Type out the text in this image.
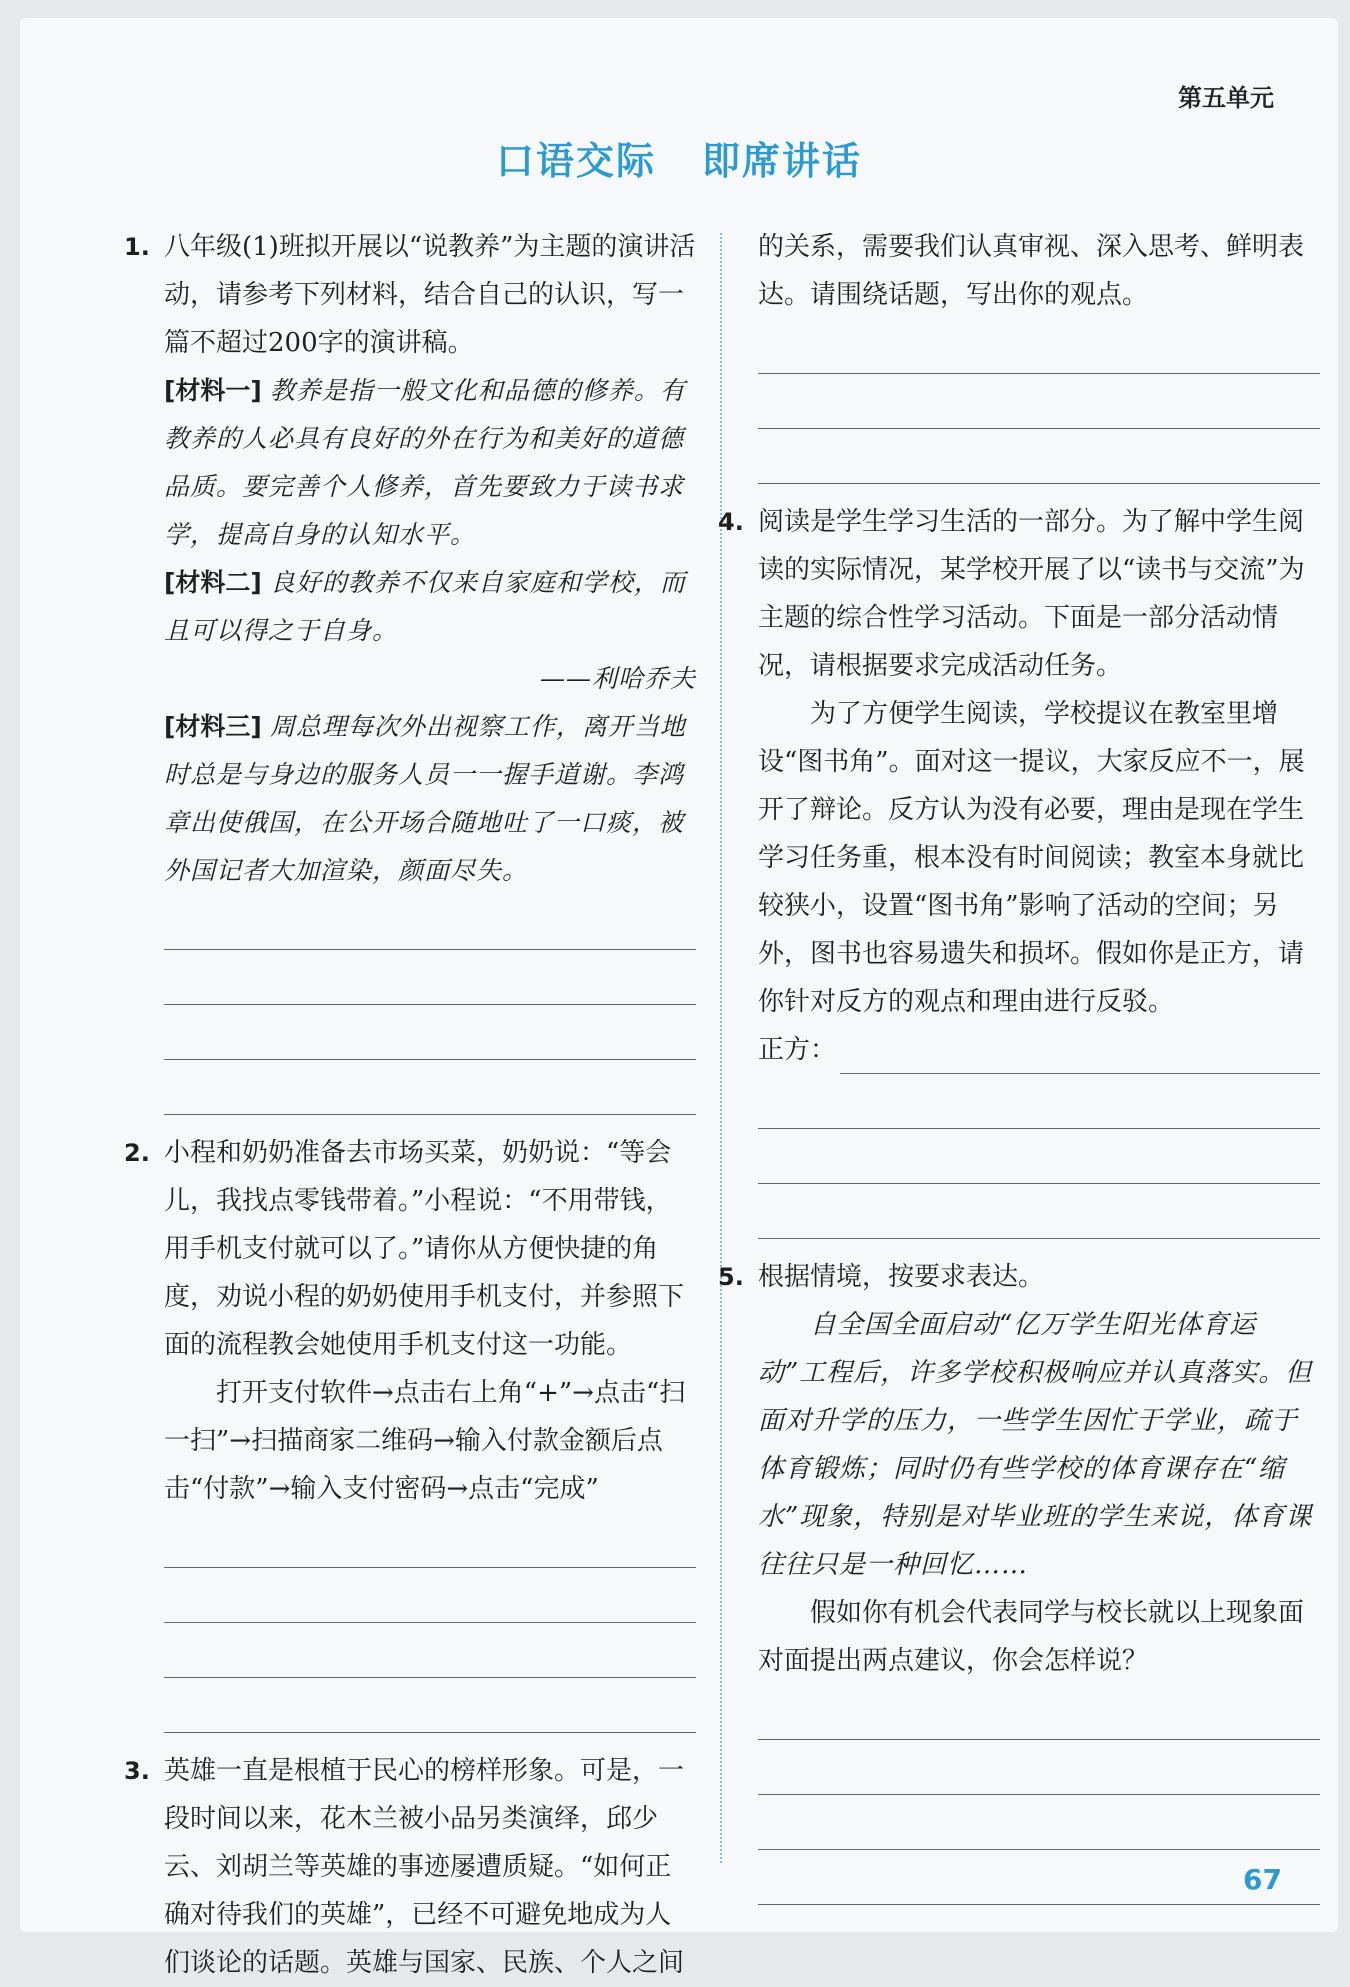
第五单元
口语交际 即席讲话
1. 八年级(1)班拟开展以“说教养”为主题的演讲活动，请参考下列材料，结合自己的认识，写一篇不超过200字的演讲稿。
[材料一] 教养是指一般文化和品德的修养。有教养的人必具有良好的外在行为和美好的道德品质。要完善个人修养，首先要致力于读书求学，提高自身的认知水平。
[材料二] 良好的教养不仅来自家庭和学校，而且可以得之于自身。
——利哈乔夫
[材料三] 周总理每次外出视察工作，离开当地时总是与身边的服务人员一一握手道谢。李鸿章出使俄国，在公开场合随地吐了一口痰，被外国记者大加渲染，颜面尽失。
2. 小程和奶奶准备去市场买菜，奶奶说：“等会儿，我找点零钱带着。”小程说：“不用带钱，用手机支付就可以了。”请你从方便快捷的角度，劝说小程的奶奶使用手机支付，并参照下面的流程教会她使用手机支付这一功能。
打开支付软件→点击右上角“+”→点击“扫一扫”→扫描商家二维码→输入付款金额后点击“付款”→输入支付密码→点击“完成”
3. 英雄一直是根植于民心的榜样形象。可是，一段时间以来，花木兰被小品另类演绎，邱少云、刘胡兰等英雄的事迹屡遭质疑。“如何正确对待我们的英雄”，已经不可避免地成为人们谈论的话题。英雄与国家、民族、个人之间
的关系，需要我们认真审视、深入思考、鲜明表达。请围绕话题，写出你的观点。
4. 阅读是学生学习生活的一部分。为了解中学生阅读的实际情况，某学校开展了以“读书与交流”为主题的综合性学习活动。下面是一部分活动情况，请根据要求完成活动任务。
为了方便学生阅读，学校提议在教室里增设“图书角”。面对这一提议，大家反应不一，展开了辩论。反方认为没有必要，理由是现在学生学习任务重，根本没有时间阅读；教室本身就比较狭小，设置“图书角”影响了活动的空间；另外，图书也容易遗失和损坏。假如你是正方，请你针对反方的观点和理由进行反驳。
正方：
5. 根据情境，按要求表达。
自全国全面启动“亿万学生阳光体育运动”工程后，许多学校积极响应并认真落实。但面对升学的压力，一些学生因忙于学业，疏于体育锻炼；同时仍有些学校的体育课存在“缩水”现象，特别是对毕业班的学生来说，体育课往往只是一种回忆……
假如你有机会代表同学与校长就以上现象面对面提出两点建议，你会怎样说？
67
